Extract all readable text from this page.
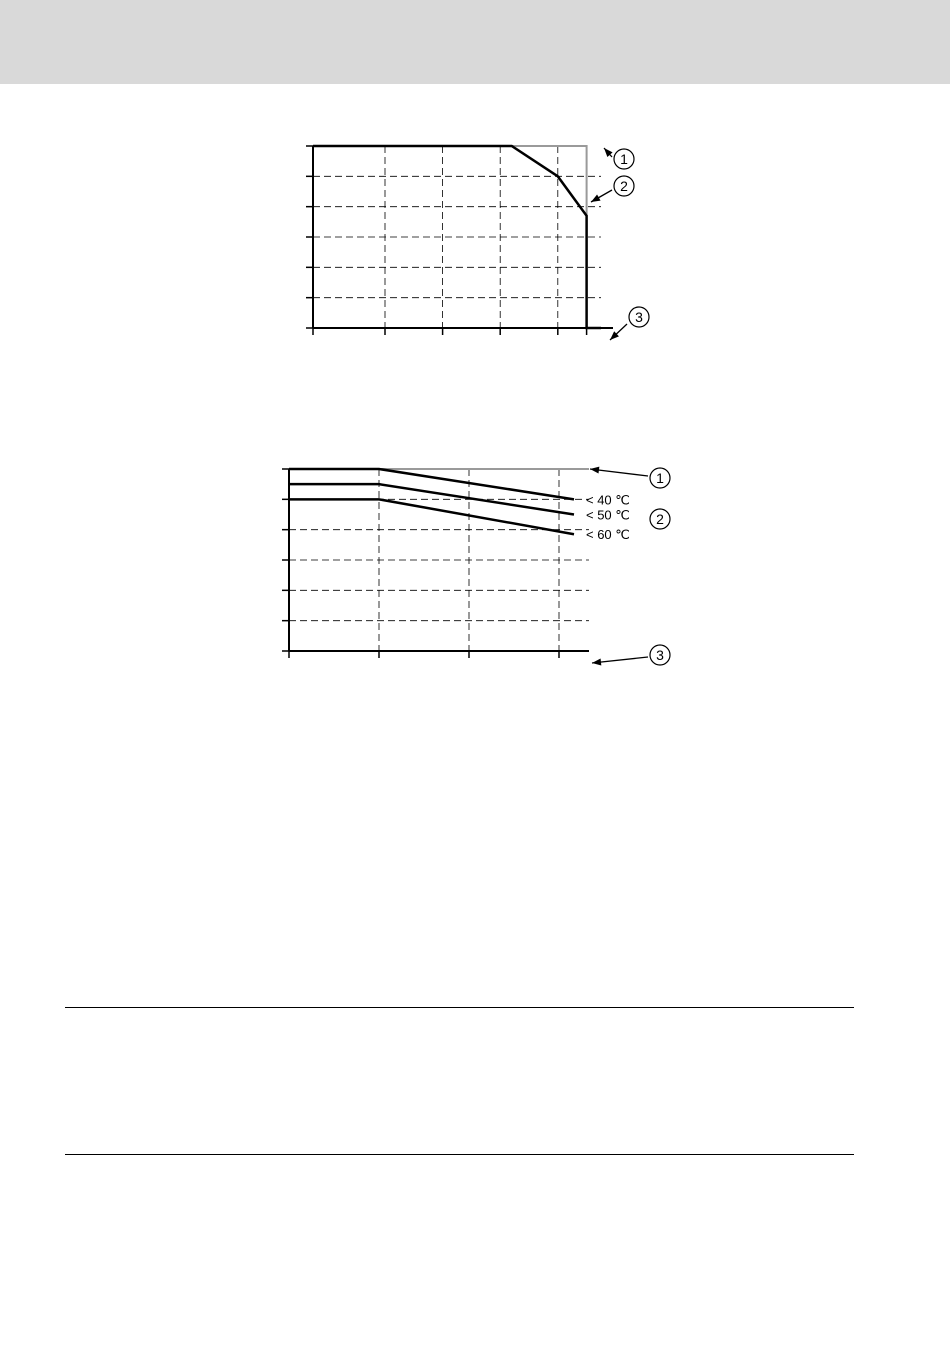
1
2
3
< 40 ℃
< 50 ℃
< 60 ℃
1
2
3
